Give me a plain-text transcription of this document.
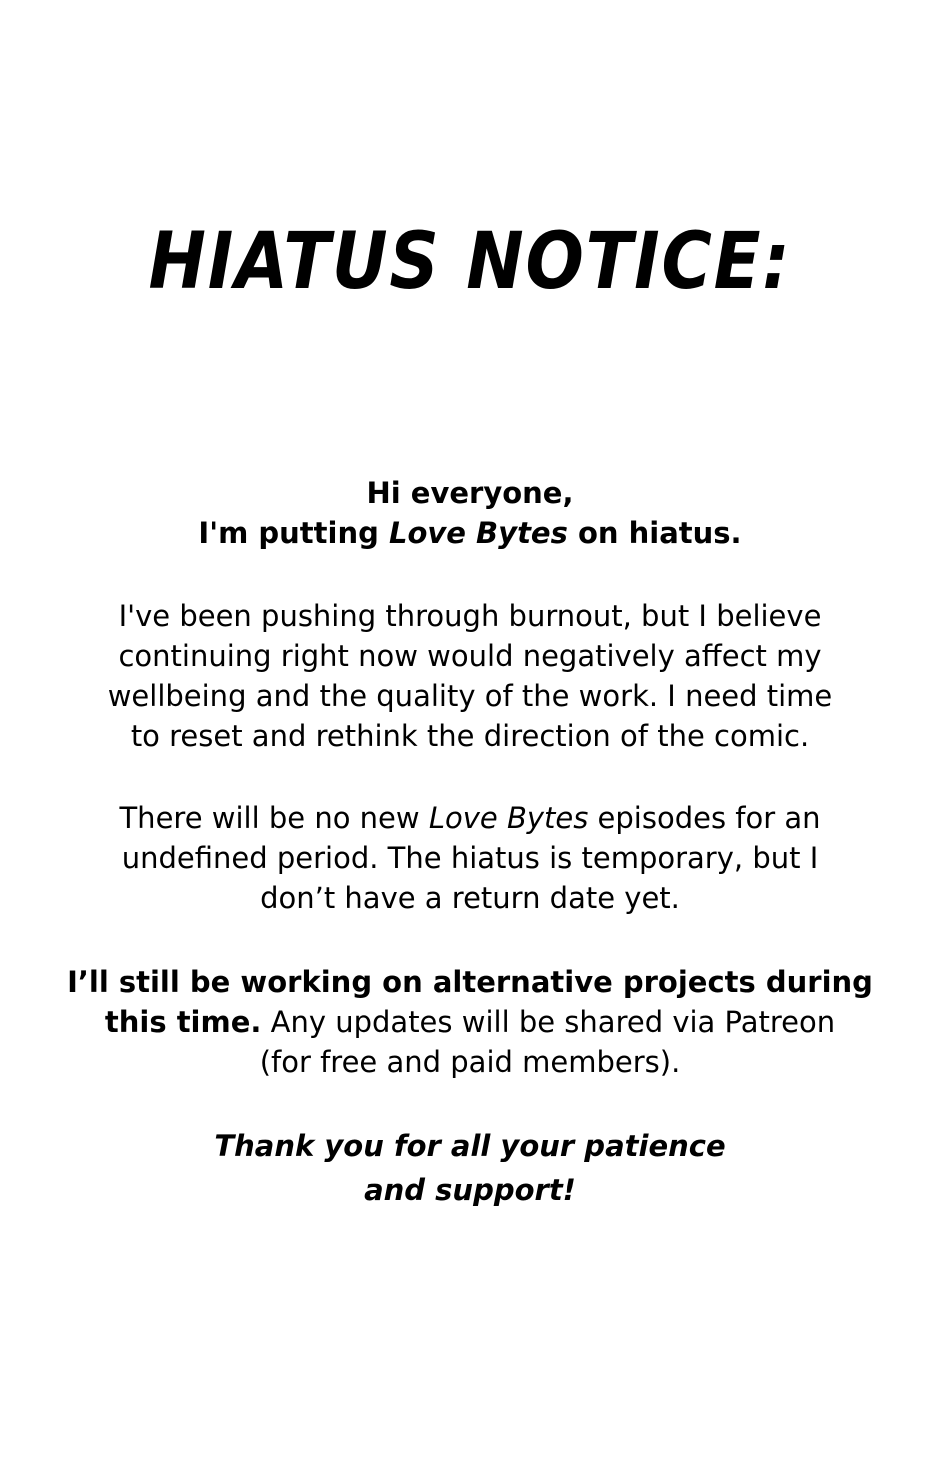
HIATUS NOTICE:
Hi everyone,
I'm putting Love Bytes on hiatus.
I've been pushing through burnout, but I believe
continuing right now would negatively affect my
wellbeing and the quality of the work. I need time
to reset and rethink the direction of the comic.
There will be no new Love Bytes episodes for an
undefined period. The hiatus is temporary, but I
don’t have a return date yet.
I’ll still be working on alternative projects during
this time. Any updates will be shared via Patreon
(for free and paid members).
Thank you for all your patience
and support!
